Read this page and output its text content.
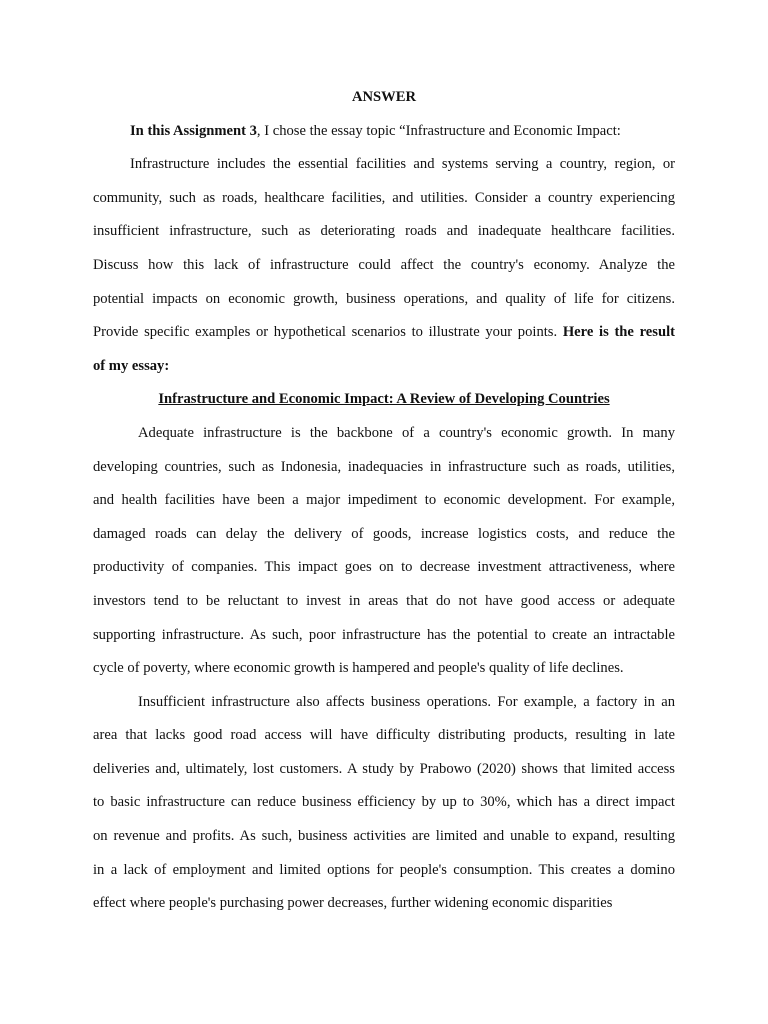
ANSWER
In this Assignment 3, I chose the essay topic “Infrastructure and Economic Impact:
Infrastructure includes the essential facilities and systems serving a country, region, or
community, such as roads, healthcare facilities, and utilities. Consider a country experiencing
insufficient infrastructure, such as deteriorating roads and inadequate healthcare facilities.
Discuss how this lack of infrastructure could affect the country's economy. Analyze the
potential impacts on economic growth, business operations, and quality of life for citizens.
Provide specific examples or hypothetical scenarios to illustrate your points. Here is the result
of my essay:
Infrastructure and Economic Impact: A Review of Developing Countries
Adequate infrastructure is the backbone of a country's economic growth. In many
developing countries, such as Indonesia, inadequacies in infrastructure such as roads, utilities,
and health facilities have been a major impediment to economic development. For example,
damaged roads can delay the delivery of goods, increase logistics costs, and reduce the
productivity of companies. This impact goes on to decrease investment attractiveness, where
investors tend to be reluctant to invest in areas that do not have good access or adequate
supporting infrastructure. As such, poor infrastructure has the potential to create an intractable
cycle of poverty, where economic growth is hampered and people's quality of life declines.
Insufficient infrastructure also affects business operations. For example, a factory in an
area that lacks good road access will have difficulty distributing products, resulting in late
deliveries and, ultimately, lost customers. A study by Prabowo (2020) shows that limited access
to basic infrastructure can reduce business efficiency by up to 30%, which has a direct impact
on revenue and profits. As such, business activities are limited and unable to expand, resulting
in a lack of employment and limited options for people's consumption. This creates a domino
effect where people's purchasing power decreases, further widening economic disparities
